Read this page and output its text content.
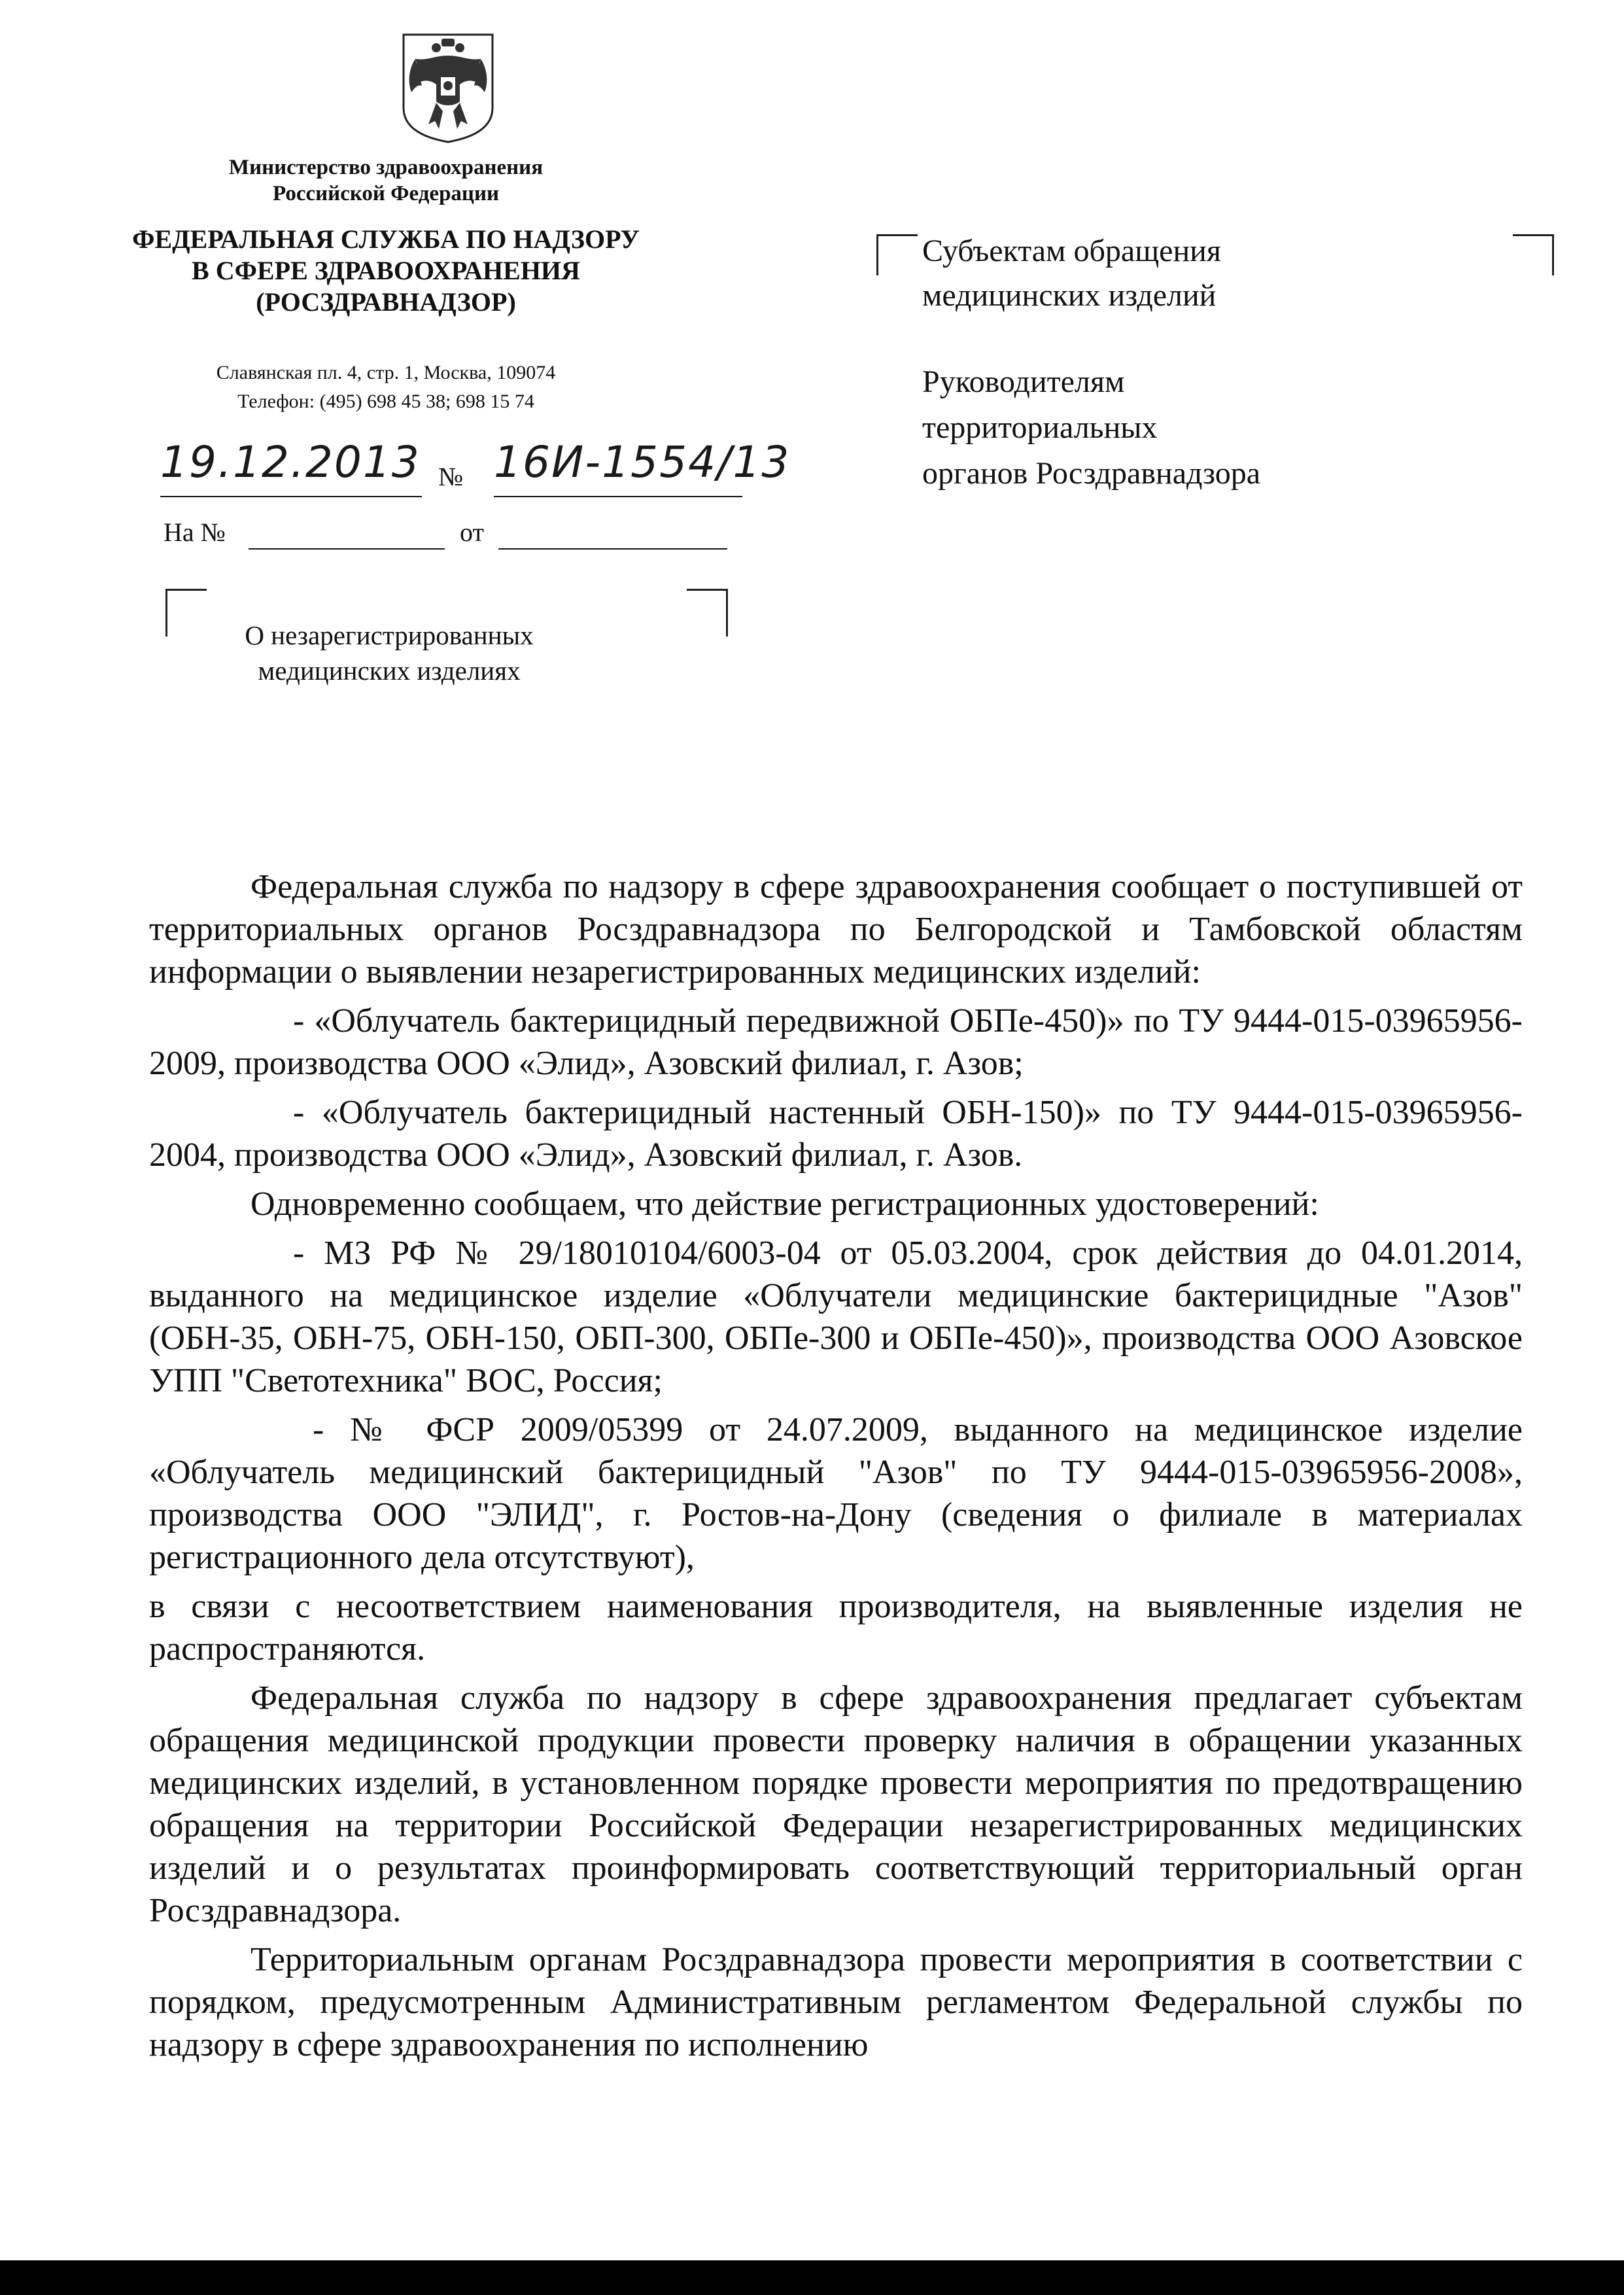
Министерство здравоохранения
Российской Федерации
ФЕДЕРАЛЬНАЯ СЛУЖБА ПО НАДЗОРУ
В СФЕРЕ ЗДРАВООХРАНЕНИЯ
(РОСЗДРАВНАДЗОР)
Славянская пл. 4, стр. 1, Москва, 109074
Телефон: (495) 698 45 38; 698 15 74
19.12.2013 № 16И-1554/13
На №	от
Субъектам обращения
медицинских изделий
Руководителям
территориальных
органов Росздравнадзора
О незарегистрированных
медицинских изделиях

Федеральная служба по надзору в сфере здравоохранения сообщает о поступившей от территориальных органов Росздравнадзора по Белгородской и Тамбовской областям информации о выявлении незарегистрированных медицинских изделий:

- «Облучатель бактерицидный передвижной ОБПе-450)» по ТУ 9444-015-03965956-2009, производства ООО «Элид», Азовский филиал, г. Азов;

- «Облучатель бактерицидный настенный ОБН-150)» по ТУ 9444-015-03965956-2004, производства ООО «Элид», Азовский филиал, г. Азов.

Одновременно сообщаем, что действие регистрационных удостоверений:

- МЗ РФ № 29/18010104/6003-04 от 05.03.2004, срок действия до 04.01.2014, выданного на медицинское изделие «Облучатели медицинские бактерицидные "Азов" (ОБН-35, ОБН-75, ОБН-150, ОБП-300, ОБПе-300 и ОБПе-450)», производства ООО Азовское УПП "Светотехника" ВОС, Россия;

- № ФСР 2009/05399 от 24.07.2009, выданного на медицинское изделие «Облучатель медицинский бактерицидный "Азов" по ТУ 9444-015-03965956-2008», производства ООО "ЭЛИД", г. Ростов-на-Дону (сведения о филиале в материалах регистрационного дела отсутствуют),

в связи с несоответствием наименования производителя, на выявленные изделия не распространяются.

Федеральная служба по надзору в сфере здравоохранения предлагает субъектам обращения медицинской продукции провести проверку наличия в обращении указанных медицинских изделий, в установленном порядке провести мероприятия по предотвращению обращения на территории Российской Федерации незарегистрированных медицинских изделий и о результатах проинформировать соответствующий территориальный орган Росздравнадзора.

Территориальным органам Росздравнадзора провести мероприятия в соответствии с порядком, предусмотренным Административным регламентом Федеральной службы по надзору в сфере здравоохранения по исполнению
